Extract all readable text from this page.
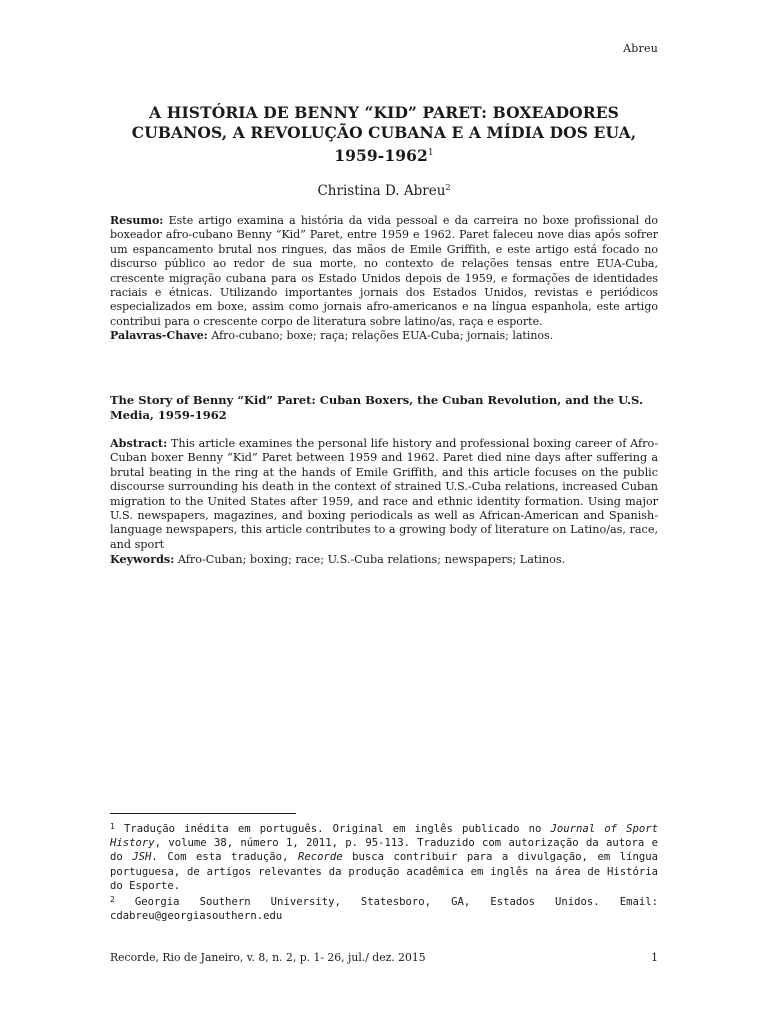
Abreu
A HISTÓRIA DE BENNY “KID” PARET: BOXEADORES
CUBANOS, A REVOLUÇÃO CUBANA E A MÍDIA DOS EUA,
1959-1962$^1$
Christina D. Abreu$^2$
Resumo: Este artigo examina a história da vida pessoal e da carreira no boxe profissional do boxeador afro-cubano Benny “Kid” Paret, entre 1959 e 1962. Paret faleceu nove dias após sofrer um espancamento brutal nos ringues, das mãos de Emile Griffith, e este artigo está focado no discurso público ao redor de sua morte, no contexto de relações tensas entre EUA-Cuba, crescente migração cubana para os Estado Unidos depois de 1959, e formações de identidades raciais e étnicas. Utilizando importantes jornais dos Estados Unidos, revistas e periódicos especializados em boxe, assim como jornais afro-americanos e na língua espanhola, este artigo contribui para o crescente corpo de literatura sobre latino/as, raça e esporte.
Palavras-Chave: Afro-cubano; boxe; raça; relações EUA-Cuba; jornais; latinos.
The Story of Benny “Kid” Paret: Cuban Boxers, the Cuban Revolution, and the U.S. Media, 1959-1962
Abstract: This article examines the personal life history and professional boxing career of Afro-Cuban boxer Benny “Kid” Paret between 1959 and 1962. Paret died nine days after suffering a brutal beating in the ring at the hands of Emile Griffith, and this article focuses on the public discourse surrounding his death in the context of strained U.S.-Cuba relations, increased Cuban migration to the United States after 1959, and race and ethnic identity formation. Using major U.S. newspapers, magazines, and boxing periodicals as well as African-American and Spanish-language newspapers, this article contributes to a growing body of literature on Latino/as, race, and sport
Keywords: Afro-Cuban; boxing; race; U.S.-Cuba relations; newspapers; Latinos.

$^1$ Tradução inédita em português. Original em inglês publicado no Journal of Sport History, volume 38, número 1, 2011, p. 95-113. Traduzido com autorização da autora e do JSH. Com esta tradução, Recorde busca contribuir para a divulgação, em língua portuguesa, de artigos relevantes da produção acadêmica em inglês na área de História do Esporte.

$^2$ Georgia Southern University, Statesboro, GA, Estados Unidos. Email: cdabreu@georgiasouthern.edu

Recorde, Rio de Janeiro, v. 8, n. 2, p. 1- 26, jul./ dez. 2015	1
